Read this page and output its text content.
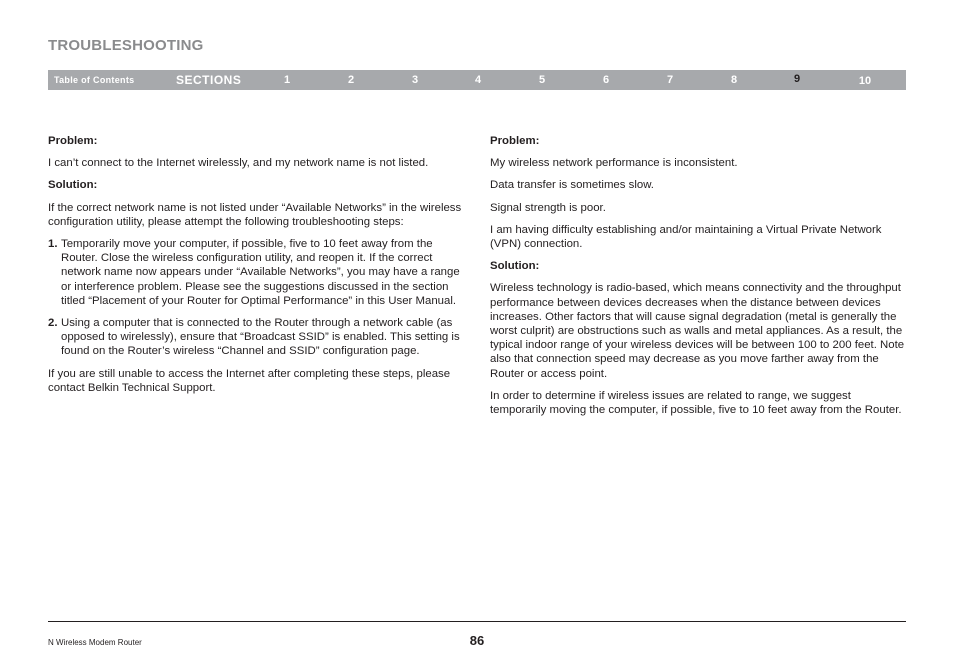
TROUBLESHOOTING
Table of Contents	SECTIONS	1	2	3	4	5	6	7	8	9	10
Problem:

I can’t connect to the Internet wirelessly, and my network name is not listed.

Solution:

If the correct network name is not listed under “Available Networks” in the wireless configuration utility, please attempt the following troubleshooting steps:

1. Temporarily move your computer, if possible, five to 10 feet away from the Router. Close the wireless configuration utility, and reopen it. If the correct network name now appears under “Available Networks”, you may have a range or interference problem. Please see the suggestions discussed in the section titled “Placement of your Router for Optimal Performance” in this User Manual.
2. Using a computer that is connected to the Router through a network cable (as opposed to wirelessly), ensure that “Broadcast SSID” is enabled. This setting is found on the Router’s wireless “Channel and SSID” configuration page.

If you are still unable to access the Internet after completing these steps, please contact Belkin Technical Support.

Problem:

My wireless network performance is inconsistent.

Data transfer is sometimes slow.

Signal strength is poor.

I am having difficulty establishing and/or maintaining a Virtual Private Network (VPN) connection.

Solution:

Wireless technology is radio-based, which means connectivity and the throughput performance between devices decreases when the distance between devices increases. Other factors that will cause signal degradation (metal is generally the worst culprit) are obstructions such as walls and metal appliances. As a result, the typical indoor range of your wireless devices will be between 100 to 200 feet. Note also that connection speed may decrease as you move farther away from the Router or access point.

In order to determine if wireless issues are related to range, we suggest temporarily moving the computer, if possible, five to 10 feet away from the Router.

N Wireless Modem Router	86
